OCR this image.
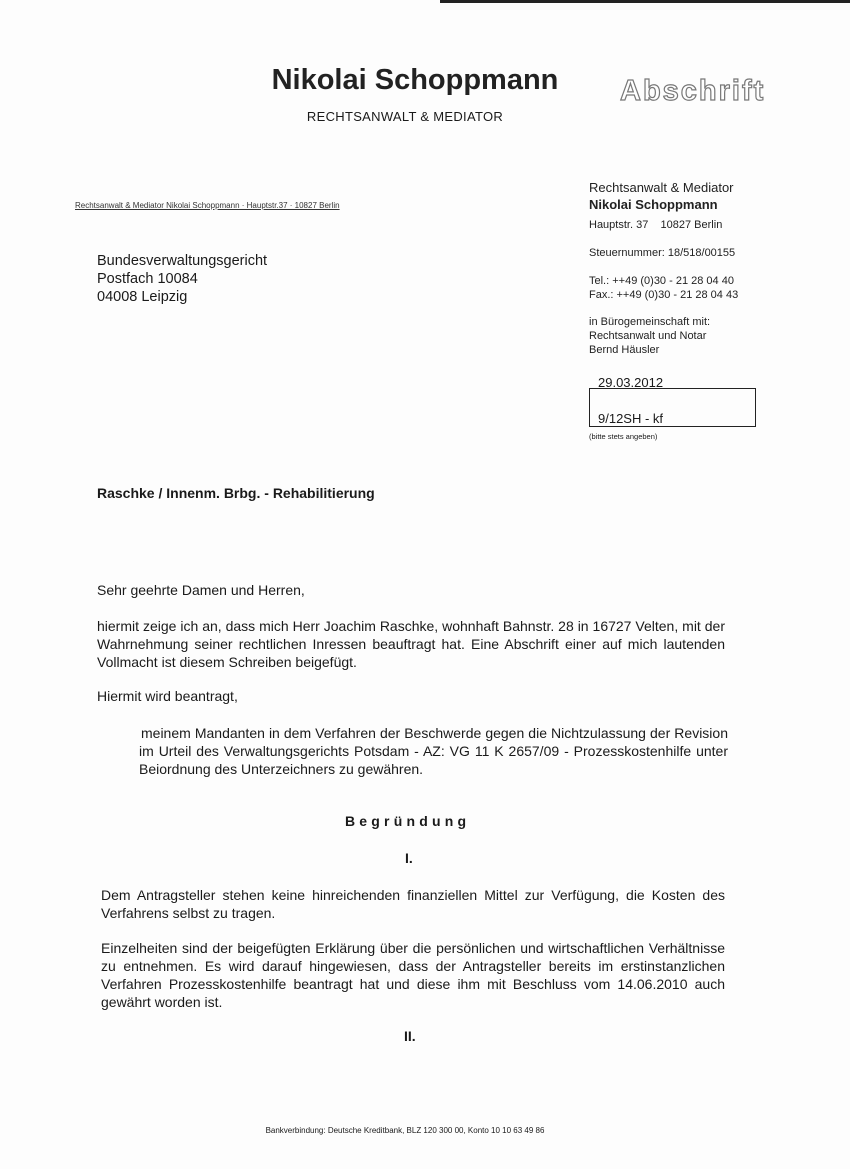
Nikolai Schoppmann
RECHTSANWALT & MEDIATOR
Abschrift
Rechtsanwalt & Mediator Nikolai Schoppmann · Hauptstr.37 · 10827 Berlin
Bundesverwaltungsgericht
Postfach 10084
04008 Leipzig
Rechtsanwalt & Mediator
Nikolai Schoppmann
Hauptstr. 37    10827 Berlin
Steuernummer: 18/518/00155
Tel.: ++49 (0)30 - 21 28 04 40
Fax.: ++49 (0)30 - 21 28 04 43
in Bürogemeinschaft mit:
Rechtsanwalt und Notar
Bernd Häusler
29.03.2012
9/12SH - kf
(bitte stets angeben)
Raschke / Innenm. Brbg. - Rehabilitierung
Sehr geehrte Damen und Herren,
hiermit zeige ich an, dass mich Herr Joachim Raschke, wohnhaft Bahnstr. 28 in 16727 Velten, mit der Wahrnehmung seiner rechtlichen Inressen beauftragt hat. Eine Abschrift einer auf mich lautenden Vollmacht ist diesem Schreiben beigefügt.
Hiermit wird beantragt,
meinem Mandanten in dem Verfahren der Beschwerde gegen die Nichtzulassung der Revision im Urteil des Verwaltungsgerichts Potsdam - AZ: VG 11 K 2657/09 - Prozesskostenhilfe unter Beiordnung des Unterzeichners zu gewähren.
Begründung
I.
Dem Antragsteller stehen keine hinreichenden finanziellen Mittel zur Verfügung, die Kosten des Verfahrens selbst zu tragen.
Einzelheiten sind der beigefügten Erklärung über die persönlichen und wirtschaftlichen Verhältnisse zu entnehmen. Es wird darauf hingewiesen, dass der Antragsteller bereits im erstinstanzlichen Verfahren Prozesskostenhilfe beantragt hat und diese ihm mit Beschluss vom 14.06.2010 auch gewährt worden ist.
II.
Bankverbindung: Deutsche Kreditbank, BLZ 120 300 00, Konto 10 10 63 49 86
